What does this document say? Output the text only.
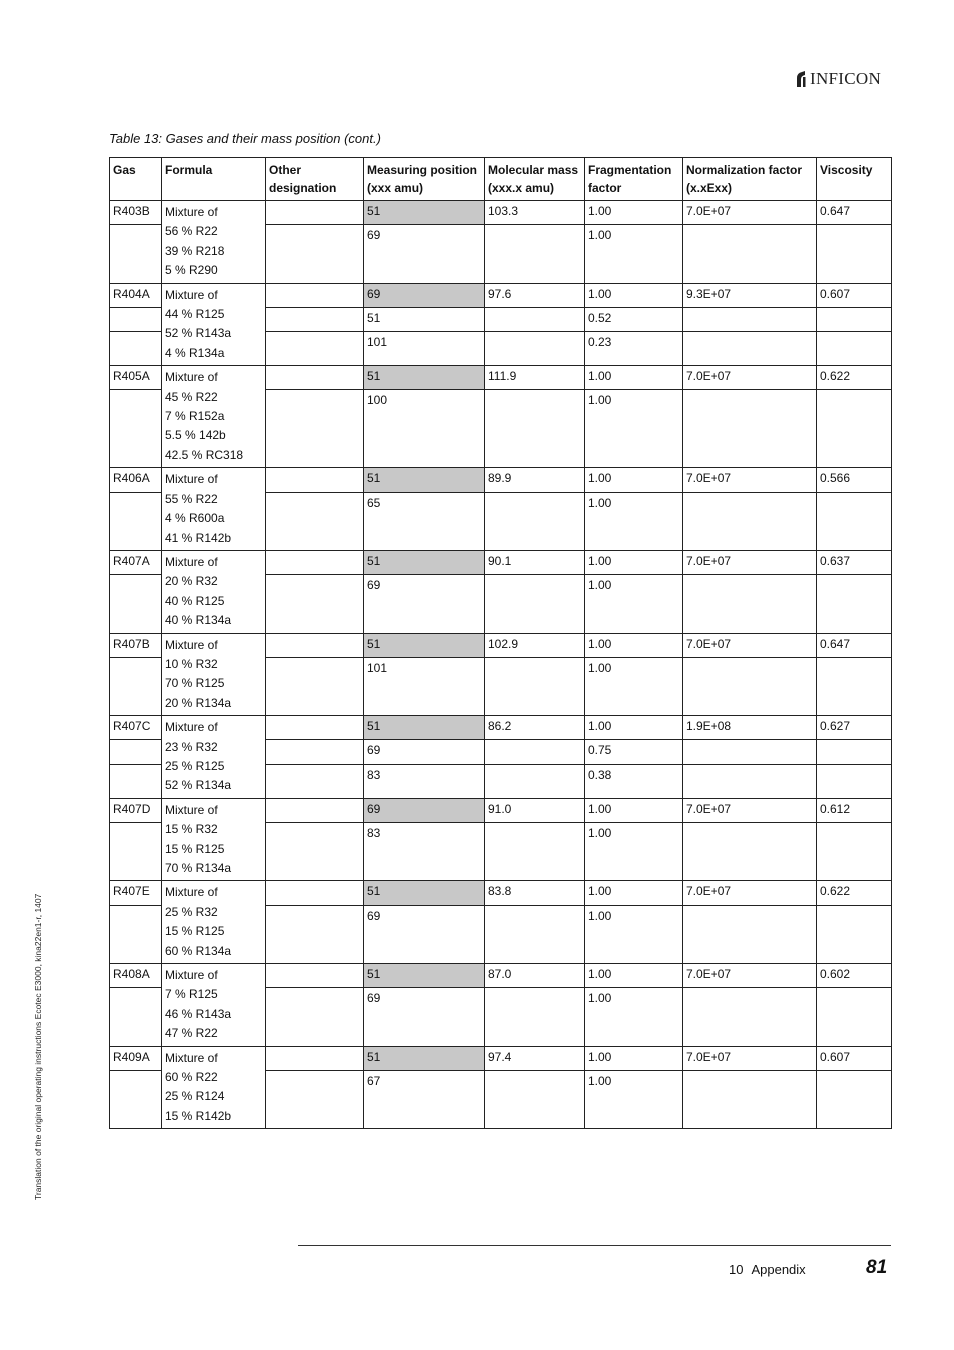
INFICON
Table 13: Gases and their mass position (cont.)
Gas	Formula	Other designation	Measuring position (xxx amu)	Molecular mass (xxx.x amu)	Fragmentation factor	Normalization factor (x.xExx)	Viscosity
R403B	Mixture of
56 % R22
39 % R218
5 % R290		51	103.3	1.00	7.0E+07	0.647
			69		1.00		
R404A	Mixture of
44 % R125
52 % R143a
4 % R134a		69	97.6	1.00	9.3E+07	0.607
			51		0.52		
			101		0.23		
R405A	Mixture of
45 % R22
7 % R152a
5.5 % 142b
42.5 % RC318		51	111.9	1.00	7.0E+07	0.622
			100		1.00		
R406A	Mixture of
55 % R22
4 % R600a
41 % R142b		51	89.9	1.00	7.0E+07	0.566
			65		1.00		
R407A	Mixture of
20 % R32
40 % R125
40 % R134a		51	90.1	1.00	7.0E+07	0.637
			69		1.00		
R407B	Mixture of
10 % R32
70 % R125
20 % R134a		51	102.9	1.00	7.0E+07	0.647
			101		1.00		
R407C	Mixture of
23 % R32
25 % R125
52 % R134a		51	86.2	1.00	1.9E+08	0.627
			69		0.75		
			83		0.38		
R407D	Mixture of
15 % R32
15 % R125
70 % R134a		69	91.0	1.00	7.0E+07	0.612
			83		1.00		
R407E	Mixture of
25 % R32
15 % R125
60 % R134a		51	83.8	1.00	7.0E+07	0.622
			69		1.00		
R408A	Mixture of
7 % R125
46 % R143a
47 % R22		51	87.0	1.00	7.0E+07	0.602
			69		1.00		
R409A	Mixture of
60 % R22
25 % R124
15 % R142b		51	97.4	1.00	7.0E+07	0.607
			67		1.00		
Translation of the original operating instructions Ecotec E3000, kina22en1-r, 1407
10 Appendix	81
